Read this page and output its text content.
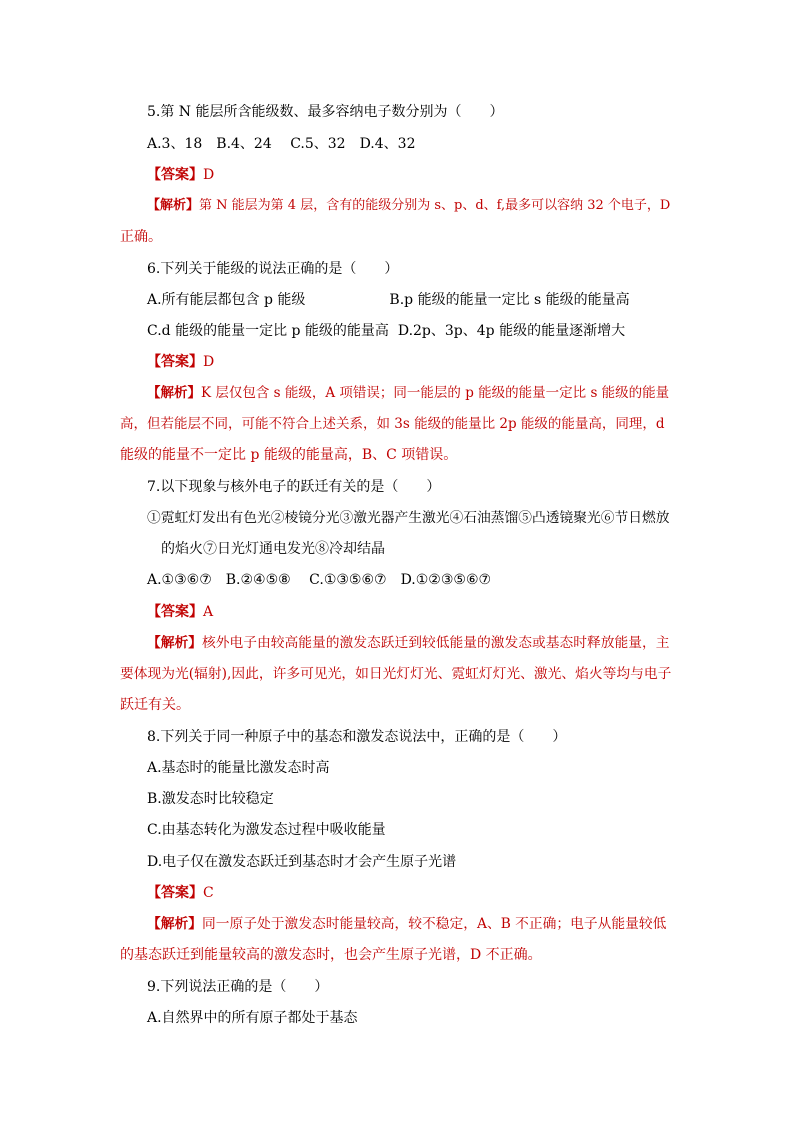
5.第 N 能层所含能级数、最多容纳电子数分别为（　　）
A.3、18　B.4、24　 C.5、32　D.4、32
【答案】D
【解析】第 N 能层为第 4 层，含有的能级分别为 s、p、d、f,最多可以容纳 32 个电子，D
正确。
6.下列关于能级的说法正确的是（　　）
A.所有能层都包含 p 能级　　　　　　B.p 能级的能量一定比 s 能级的能量高
C.d 能级的能量一定比 p 能级的能量高  D.2p、3p、4p 能级的能量逐渐增大
【答案】D
【解析】K 层仅包含 s 能级，A 项错误；同一能层的 p 能级的能量一定比 s 能级的能量
高，但若能层不同，可能不符合上述关系，如 3s 能级的能量比 2p 能级的能量高，同理，d
能级的能量不一定比 p 能级的能量高，B、C 项错误。
7.以下现象与核外电子的跃迁有关的是（　　）
①霓虹灯发出有色光②棱镜分光③激光器产生激光④石油蒸馏⑤凸透镜聚光⑥节日燃放
的焰火⑦日光灯通电发光⑧冷却结晶
A.①③⑥⑦　B.②④⑤⑧　 C.①③⑤⑥⑦　D.①②③⑤⑥⑦
【答案】A
【解析】核外电子由较高能量的激发态跃迁到较低能量的激发态或基态时释放能量，主
要体现为光(辐射),因此，许多可见光，如日光灯灯光、霓虹灯灯光、激光、焰火等均与电子
跃迁有关。
8.下列关于同一种原子中的基态和激发态说法中，正确的是（　　）
A.基态时的能量比激发态时高
B.激发态时比较稳定
C.由基态转化为激发态过程中吸收能量
D.电子仅在激发态跃迁到基态时才会产生原子光谱
【答案】C
【解析】同一原子处于激发态时能量较高，较不稳定，A、B 不正确；电子从能量较低
的基态跃迁到能量较高的激发态时，也会产生原子光谱，D 不正确。
9.下列说法正确的是（　　）
A.自然界中的所有原子都处于基态
